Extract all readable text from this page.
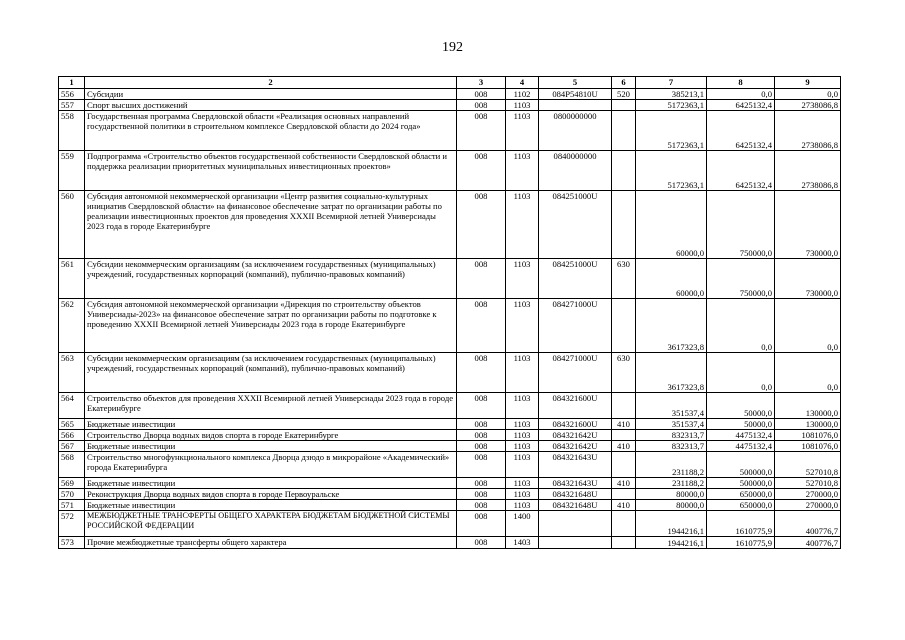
192
1	2	3	4	5	6	7	8	9
556	Субсидии	008	1102	084P54810U	520	385213,1	0,0	0,0
557	Спорт высших достижений	008	1103			5172363,1	6425132,4	2738086,8
558	Государственная программа Свердловской области «Реализация основных направлений государственной политики в строительном комплексе Свердловской области до 2024 года»	008	1103	0800000000		5172363,1	6425132,4	2738086,8
559	Подпрограмма «Строительство объектов государственной собственности Свердловской области и поддержка реализации приоритетных муниципальных инвестиционных проектов»	008	1103	0840000000		5172363,1	6425132,4	2738086,8
560	Субсидия автономной некоммерческой организации «Центр развития социально-культурных инициатив Свердловской области» на финансовое обеспечение затрат по организации работы по реализации инвестиционных проектов для проведения XXXII Всемирной летней Универсиады 2023 года в городе Екатеринбурге	008	1103	084251000U		60000,0	750000,0	730000,0
561	Субсидии некоммерческим организациям (за исключением государственных (муниципальных) учреждений, государственных корпораций (компаний), публично-правовых компаний)	008	1103	084251000U	630	60000,0	750000,0	730000,0
562	Субсидия автономной некоммерческой организации «Дирекция по строительству объектов Универсиады-2023» на финансовое обеспечение затрат по организации работы по подготовке к проведению XXXII Всемирной летней Универсиады 2023 года в городе Екатеринбурге	008	1103	084271000U		3617323,8	0,0	0,0
563	Субсидии некоммерческим организациям (за исключением государственных (муниципальных) учреждений, государственных корпораций (компаний), публично-правовых компаний)	008	1103	084271000U	630	3617323,8	0,0	0,0
564	Строительство объектов для проведения XXXII Всемирной летней Универсиады 2023 года в городе Екатеринбурге	008	1103	084321600U		351537,4	50000,0	130000,0
565	Бюджетные инвестиции	008	1103	084321600U	410	351537,4	50000,0	130000,0
566	Строительство Дворца водных видов спорта в городе Екатеринбурге	008	1103	084321642U		832313,7	4475132,4	1081076,0
567	Бюджетные инвестиции	008	1103	084321642U	410	832313,7	4475132,4	1081076,0
568	Строительство многофункционального комплекса Дворца дзюдо в микрорайоне «Академический» города Екатеринбурга	008	1103	084321643U		231188,2	500000,0	527010,8
569	Бюджетные инвестиции	008	1103	084321643U	410	231188,2	500000,0	527010,8
570	Реконструкция Дворца водных видов спорта в городе Первоуральске	008	1103	084321648U		80000,0	650000,0	270000,0
571	Бюджетные инвестиции	008	1103	084321648U	410	80000,0	650000,0	270000,0
572	МЕЖБЮДЖЕТНЫЕ ТРАНСФЕРТЫ ОБЩЕГО ХАРАКТЕРА БЮДЖЕТАМ БЮДЖЕТНОЙ СИСТЕМЫ РОССИЙСКОЙ ФЕДЕРАЦИИ	008	1400			1944216,1	1610775,9	400776,7
573	Прочие межбюджетные трансферты общего характера	008	1403			1944216,1	1610775,9	400776,7
